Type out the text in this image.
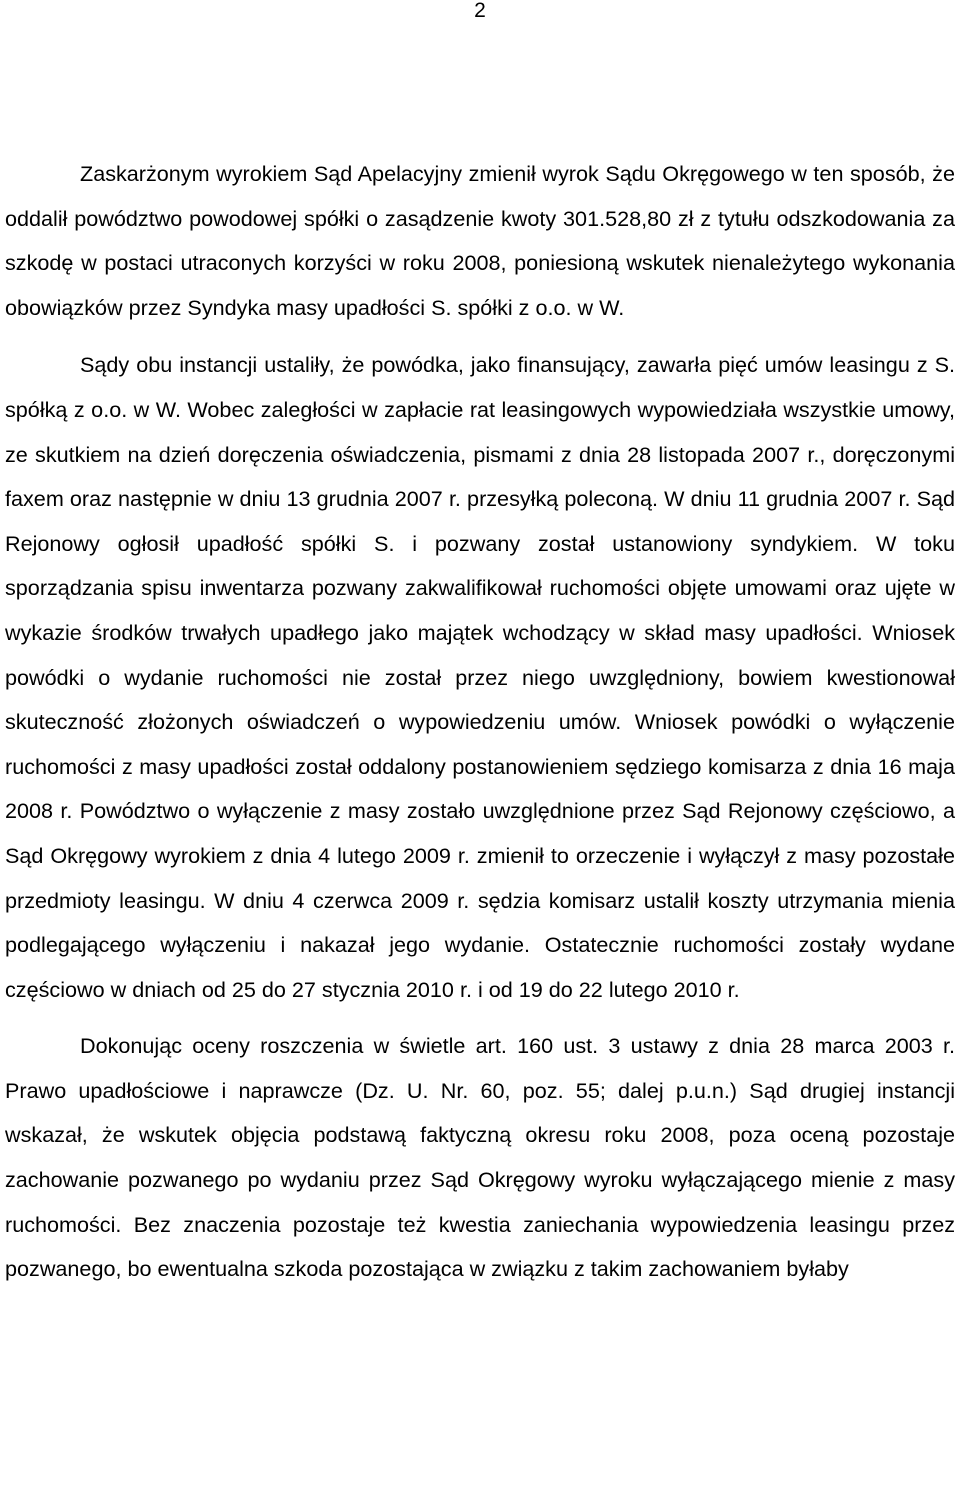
2

Zaskarżonym wyrokiem Sąd Apelacyjny zmienił wyrok Sądu Okręgowego w ten sposób, że oddalił powództwo powodowej spółki o zasądzenie kwoty 301.528,80 zł z tytułu odszkodowania za szkodę w postaci utraconych korzyści w roku 2008, poniesioną wskutek nienależytego wykonania obowiązków przez Syndyka masy upadłości S. spółki z o.o. w W.

Sądy obu instancji ustaliły, że powódka, jako finansujący, zawarła pięć umów leasingu z S. spółką z o.o. w W. Wobec zaległości w zapłacie rat leasingowych wypowiedziała wszystkie umowy, ze skutkiem na dzień doręczenia oświadczenia, pismami z dnia 28 listopada 2007 r., doręczonymi faxem oraz następnie w dniu 13 grudnia 2007 r. przesyłką poleconą. W dniu 11 grudnia 2007 r. Sąd Rejonowy ogłosił upadłość spółki S. i pozwany został ustanowiony syndykiem. W toku sporządzania spisu inwentarza pozwany zakwalifikował ruchomości objęte umowami oraz ujęte w wykazie środków trwałych upadłego jako majątek wchodzący w skład masy upadłości. Wniosek powódki o wydanie ruchomości nie został przez niego uwzględniony, bowiem kwestionował skuteczność złożonych oświadczeń o wypowiedzeniu umów. Wniosek powódki o wyłączenie ruchomości z masy upadłości został oddalony postanowieniem sędziego komisarza z dnia 16 maja 2008 r. Powództwo o wyłączenie z masy zostało uwzględnione przez Sąd Rejonowy częściowo, a Sąd Okręgowy wyrokiem z dnia 4 lutego 2009 r. zmienił to orzeczenie i wyłączył z masy pozostałe przedmioty leasingu. W dniu 4 czerwca 2009 r. sędzia komisarz ustalił koszty utrzymania mienia podlegającego wyłączeniu i nakazał jego wydanie. Ostatecznie ruchomości zostały wydane częściowo w dniach od 25 do 27 stycznia 2010 r. i od 19 do 22 lutego 2010 r.

Dokonując oceny roszczenia w świetle art. 160 ust. 3 ustawy z dnia 28 marca 2003 r. Prawo upadłościowe i naprawcze (Dz. U. Nr. 60, poz. 55; dalej p.u.n.) Sąd drugiej instancji wskazał, że wskutek objęcia podstawą faktyczną okresu roku 2008, poza oceną pozostaje zachowanie pozwanego po wydaniu przez Sąd Okręgowy wyroku wyłączającego mienie z masy ruchomości. Bez znaczenia pozostaje też kwestia zaniechania wypowiedzenia leasingu przez pozwanego, bo ewentualna szkoda pozostająca w związku z takim zachowaniem byłaby
